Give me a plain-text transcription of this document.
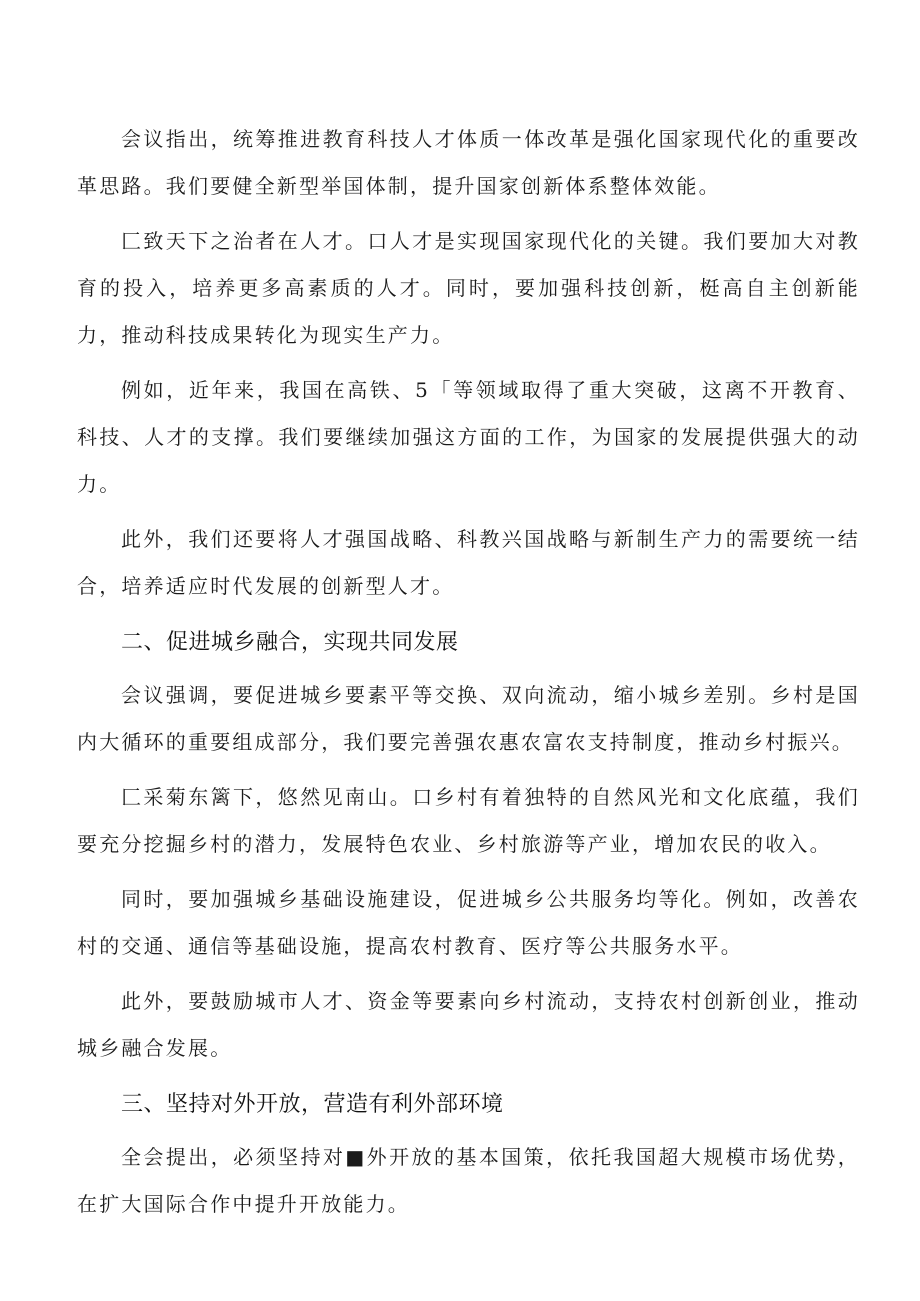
会议指出，统筹推进教育科技人才体质一体改革是强化国家现代化的重要改革思路。我们要健全新型举国体制，提升国家创新体系整体效能。

匚致天下之治者在人才。口人才是实现国家现代化的关键。我们要加大对教育的投入，培养更多高素质的人才。同时，要加强科技创新，梃高自主创新能力，推动科技成果转化为现实生产力。

例如，近年来，我国在高铁、5「等领域取得了重大突破，这离不开教育、科技、人才的支撑。我们要继续加强这方面的工作，为国家的发展提供强大的动力。

此外，我们还要将人才强国战略、科教兴国战略与新制生产力的需要统一结合，培养适应时代发展的创新型人才。

二、促进城乡融合，实现共同发展

会议强调，要促进城乡要素平等交换、双向流动，缩小城乡差别。乡村是国内大循环的重要组成部分，我们要完善强农惠农富农支持制度，推动乡村振兴。

匚采菊东篱下，悠然见南山。口乡村有着独特的自然风光和文化底蕴，我们要充分挖掘乡村的潜力，发展特色农业、乡村旅游等产业，增加农民的收入。

同时，要加强城乡基础设施建设，促进城乡公共服务均等化。例如，改善农村的交通、通信等基础设施，提高农村教育、医疗等公共服务水平。

此外，要鼓励城市人才、资金等要素向乡村流动，支持农村创新创业，推动城乡融合发展。

三、坚持对外开放，营造有利外部环境

全会提出，必须坚持对■外开放的基本国策，依托我国超大规模市场优势，在扩大国际合作中提升开放能力。
